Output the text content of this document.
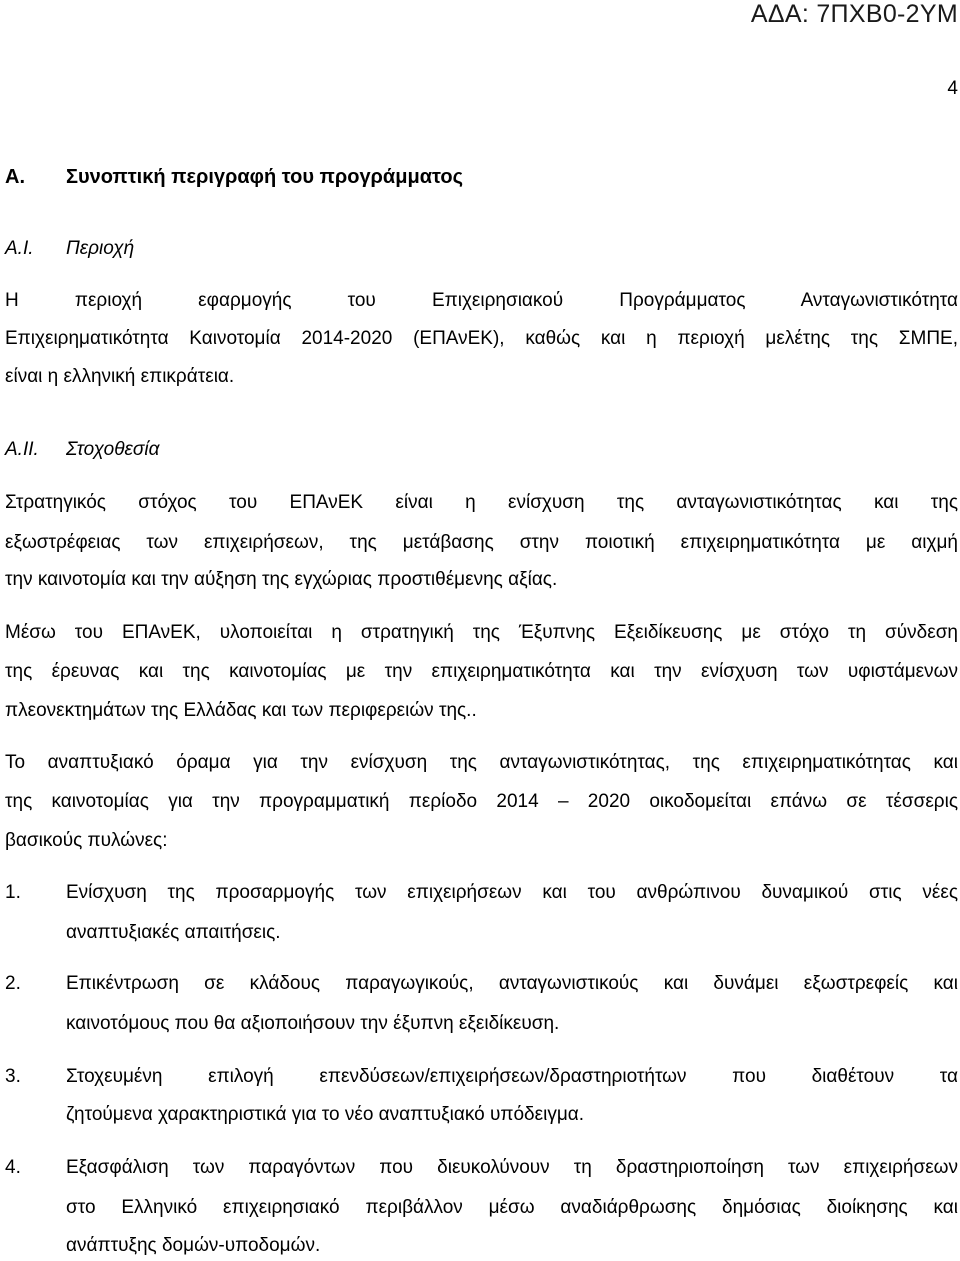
ΑΔΑ: 7ΠΧΒ0-2ΥΜ
4
Α. Συνοπτική περιγραφή του προγράμματος
Α.Ι. Περιοχή
Η περιοχή εφαρμογής του Επιχειρησιακού Προγράμματος Ανταγωνιστικότητα
Επιχειρηματικότητα Καινοτομία 2014-2020 (ΕΠΑνΕΚ), καθώς και η περιοχή μελέτης της ΣΜΠΕ,
είναι η ελληνική επικράτεια.
Α.ΙΙ. Στοχοθεσία
Στρατηγικός στόχος του ΕΠΑνΕΚ είναι η ενίσχυση της ανταγωνιστικότητας και της
εξωστρέφειας των επιχειρήσεων, της μετάβασης στην ποιοτική επιχειρηματικότητα με αιχμή
την καινοτομία και την αύξηση της εγχώριας προστιθέμενης αξίας.
Μέσω του ΕΠΑνΕΚ, υλοποιείται η στρατηγική της Έξυπνης Εξειδίκευσης με στόχο τη σύνδεση
της έρευνας και της καινοτομίας με την επιχειρηματικότητα και την ενίσχυση των υφιστάμενων
πλεονεκτημάτων της Ελλάδας και των περιφερειών της..
Το αναπτυξιακό όραμα για την ενίσχυση της ανταγωνιστικότητας, της επιχειρηματικότητας και
της καινοτομίας για την προγραμματική περίοδο 2014 – 2020 οικοδομείται επάνω σε τέσσερις
βασικούς πυλώνες:
1. Ενίσχυση της προσαρμογής των επιχειρήσεων και του ανθρώπινου δυναμικού στις νέες
αναπτυξιακές απαιτήσεις.
2. Επικέντρωση σε κλάδους παραγωγικούς, ανταγωνιστικούς και δυνάμει εξωστρεφείς και
καινοτόμους που θα αξιοποιήσουν την έξυπνη εξειδίκευση.
3. Στοχευμένη επιλογή επενδύσεων/επιχειρήσεων/δραστηριοτήτων που διαθέτουν τα
ζητούμενα χαρακτηριστικά για το νέο αναπτυξιακό υπόδειγμα.
4. Εξασφάλιση των παραγόντων που διευκολύνουν τη δραστηριοποίηση των επιχειρήσεων
στο Ελληνικό επιχειρησιακό περιβάλλον μέσω αναδιάρθρωσης δημόσιας διοίκησης και
ανάπτυξης δομών-υποδομών.
